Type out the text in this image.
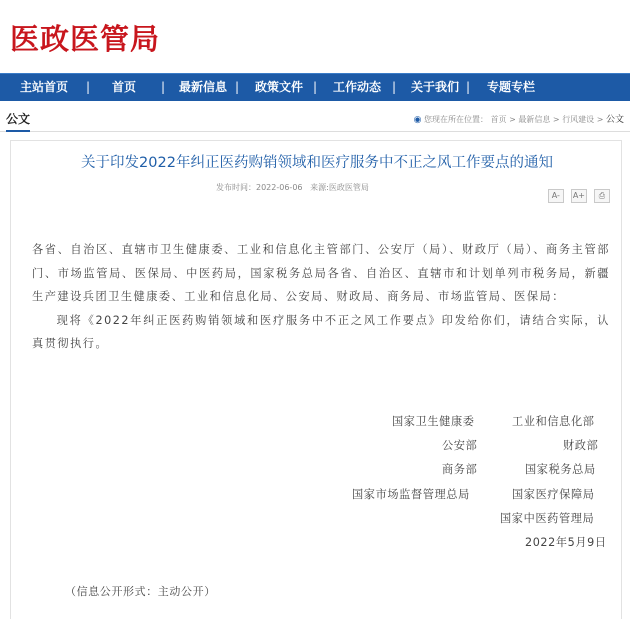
医政医管局
主站首页 | 首页 | 最新信息 | 政策文件 | 工作动态 | 关于我们 | 专题专栏
公文	◉ 您现在所在位置： 首页 > 最新信息 > 行风建设 > 公文
关于印发2022年纠正医药购销领域和医疗服务中不正之风工作要点的通知
发布时间：2022-06-06 来源:医政医管局
A- A+ ⎙

各省、自治区、直辖市卫生健康委、工业和信息化主管部门、公安厅（局）、财政厅（局）、商务主管部门、市场监管局、医保局、中医药局，国家税务总局各省、自治区、直辖市和计划单列市税务局，新疆生产建设兵团卫生健康委、工业和信息化局、公安局、财政局、商务局、市场监管局、医保局：

现将《2022年纠正医药购销领域和医疗服务中不正之风工作要点》印发给你们，请结合实际，认真贯彻执行。

国家卫生健康委	工业和信息化部
公安部	财政部
商务部	国家税务总局
国家市场监督管理总局	国家医疗保障局
国家中医药管理局
2022年5月9日
（信息公开形式：主动公开）
